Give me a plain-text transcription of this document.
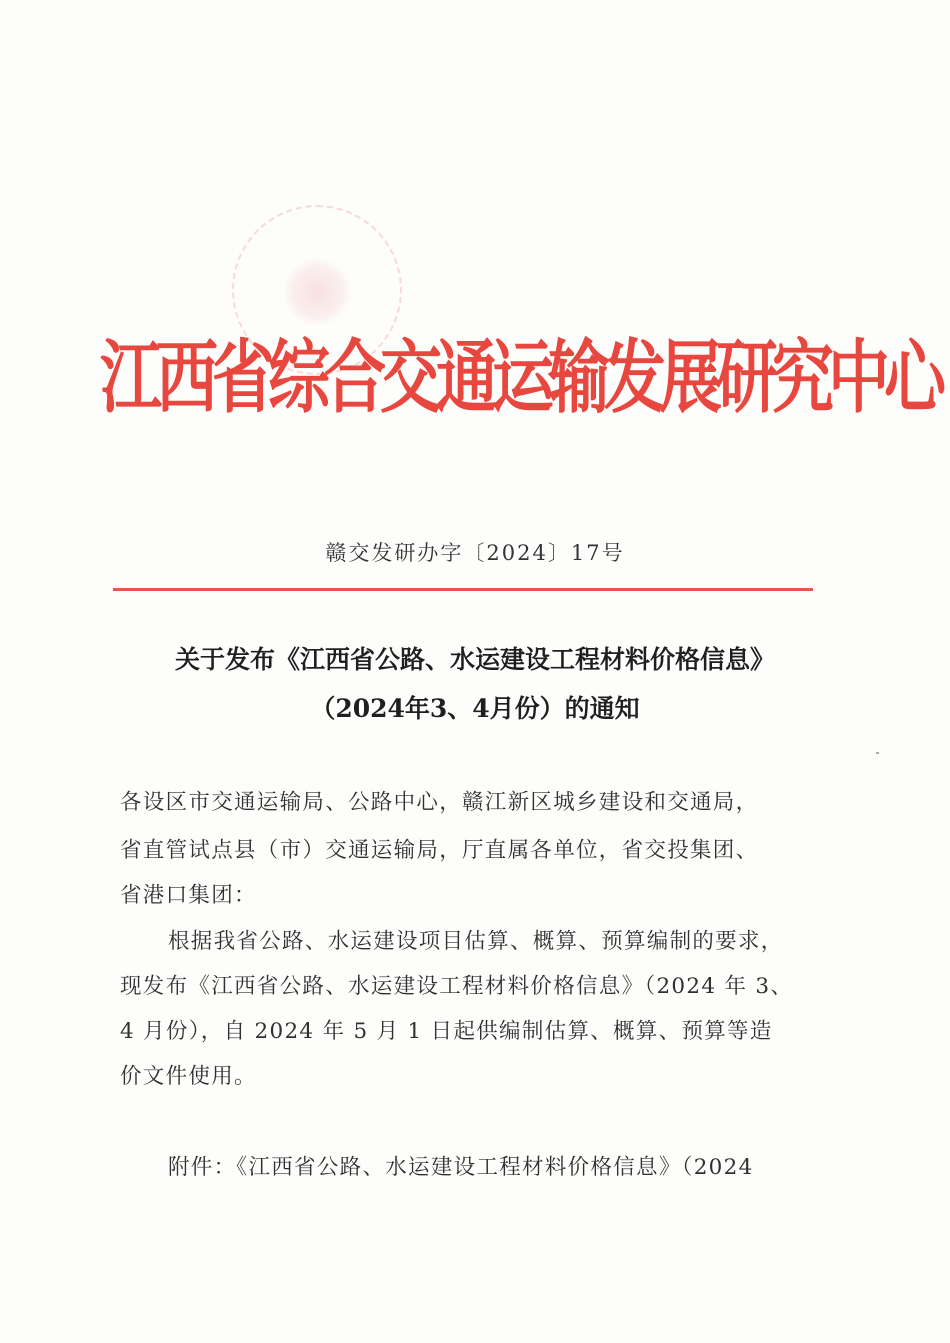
江西省综合交通运输发展研究中心
赣交发研办字〔2024〕17号
关于发布《江西省公路、水运建设工程材料价格信息》
（2024年3、4月份）的通知
各设区市交通运输局、公路中心，赣江新区城乡建设和交通局，
省直管试点县（市）交通运输局，厅直属各单位，省交投集团、
省港口集团：
根据我省公路、水运建设项目估算、概算、预算编制的要求，
现发布《江西省公路、水运建设工程材料价格信息》（2024 年 3、
4 月份），自 2024 年 5 月 1 日起供编制估算、概算、预算等造
价文件使用。
附件：《江西省公路、水运建设工程材料价格信息》（2024
